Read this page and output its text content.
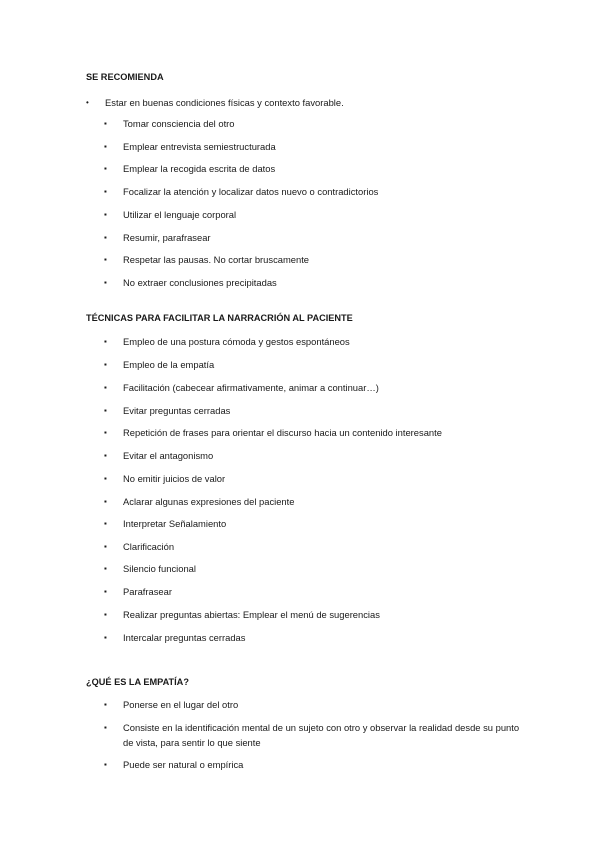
SE RECOMIENDA
• Estar en buenas condiciones físicas y contexto favorable.
▪ Tomar consciencia del otro
▪ Emplear entrevista semiestructurada
▪ Emplear la recogida escrita de datos
▪ Focalizar la atención y localizar datos nuevo o contradictorios
▪ Utilizar el lenguaje corporal
▪ Resumir, parafrasear
▪ Respetar las pausas. No cortar bruscamente
▪ No extraer conclusiones precipitadas
TÉCNICAS PARA FACILITAR LA NARRACRIÓN AL PACIENTE
▪ Empleo de una postura cómoda y gestos espontáneos
▪ Empleo de la empatía
▪ Facilitación (cabecear afirmativamente, animar a continuar…)
▪ Evitar preguntas cerradas
▪ Repetición de frases para orientar el discurso hacia un contenido interesante
▪ Evitar el antagonismo
▪ No emitir juicios de valor
▪ Aclarar algunas expresiones del paciente
▪ Interpretar Señalamiento
▪ Clarificación
▪ Silencio funcional
▪ Parafrasear
▪ Realizar preguntas abiertas: Emplear el menú de sugerencias
▪ Intercalar preguntas cerradas
¿QUÉ ES LA EMPATÍA?
▪ Ponerse en el lugar del otro
▪ Consiste en la identificación mental de un sujeto con otro y observar la realidad desde su punto de vista, para sentir lo que siente
▪ Puede ser natural o empírica
